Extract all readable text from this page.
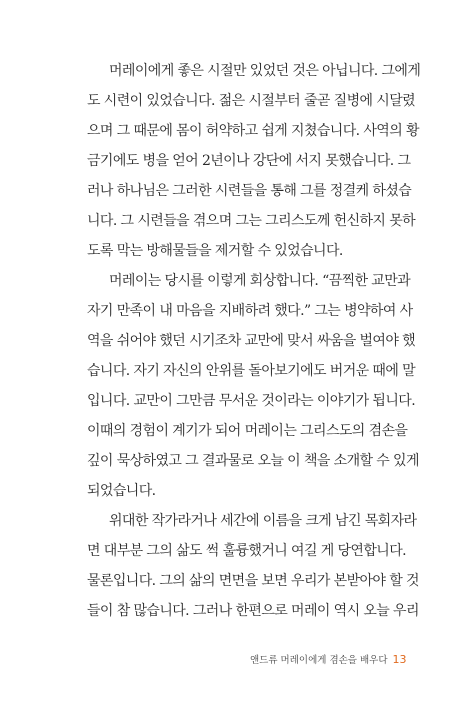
머레이에게 좋은 시절만 있었던 것은 아닙니다. 그에게
도 시련이 있었습니다. 젊은 시절부터 줄곧 질병에 시달렸
으며 그 때문에 몸이 허약하고 쉽게 지쳤습니다. 사역의 황
금기에도 병을 얻어 2년이나 강단에 서지 못했습니다. 그
러나 하나님은 그러한 시련들을 통해 그를 정결케 하셨습
니다. 그 시련들을 겪으며 그는 그리스도께 헌신하지 못하
도록 막는 방해물들을 제거할 수 있었습니다.
머레이는 당시를 이렇게 회상합니다. “끔찍한 교만과
자기 만족이 내 마음을 지배하려 했다.” 그는 병약하여 사
역을 쉬어야 했던 시기조차 교만에 맞서 싸움을 벌여야 했
습니다. 자기 자신의 안위를 돌아보기에도 버거운 때에 말
입니다. 교만이 그만큼 무서운 것이라는 이야기가 됩니다.
이때의 경험이 계기가 되어 머레이는 그리스도의 겸손을
깊이 묵상하였고 그 결과물로 오늘 이 책을 소개할 수 있게
되었습니다.
위대한 작가라거나 세간에 이름을 크게 남긴 목회자라
면 대부분 그의 삶도 썩 훌륭했거니 여길 게 당연합니다.
물론입니다. 그의 삶의 면면을 보면 우리가 본받아야 할 것
들이 참 많습니다. 그러나 한편으로 머레이 역시 오늘 우리
앤드류 머레이에게 겸손을 배우다 13
